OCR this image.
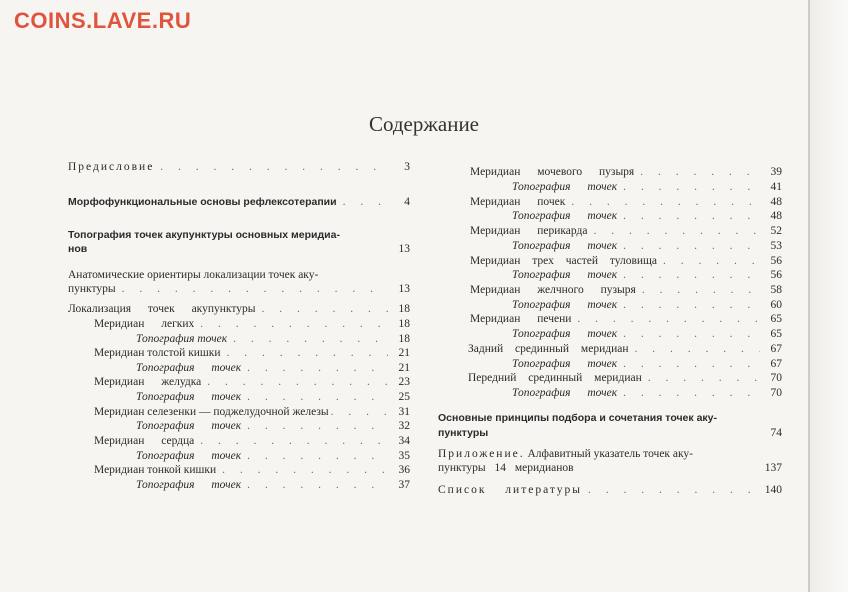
COINS.LAVE.RU
Содержание
Предисловие . . .	3
Морфофункциональные основы рефлексотерапии . . .	4
Топография точек акупунктуры основных меридиа-
нов	13
Анатомические ориентиры локализации точек аку-
пунктуры . . .	13
Локализация точек акупунктуры . . .	18
Меридиан легких . . .	18
Топография точек . . .	18
Меридиан толстой кишки . . .	21
Топография точек . . .	21
Меридиан желудка . . .	23
Топография точек . . .	25
Меридиан селезенки — поджелудочной железы . . .	31
Топография точек . . .	32
Меридиан сердца . . .	34
Топография точек . . .	35
Меридиан тонкой кишки . . .	36
Топография точек . . .	37
Меридиан мочевого пузыря . . .	39
Топография точек . . .	41
Меридиан почек . . .	48
Топография точек . . .	48
Меридиан перикарда . . .	52
Топография точек . . .	53
Меридиан трех частей туловища . . .	56
Топография точек . . .	56
Меридиан желчного пузыря . . .	58
Топография точек . . .	60
Меридиан печени . . .	65
Топография точек . . .	65
Задний срединный меридиан . . .	67
Топография точек . . .	67
Передний срединный меридиан . . .	70
Топография точек . . .	70
Основные принципы подбора и сочетания точек аку-
пунктуры	74
Приложение. Алфавитный указатель точек аку-
пунктуры 14 меридианов	137
Список литературы . . .	140
